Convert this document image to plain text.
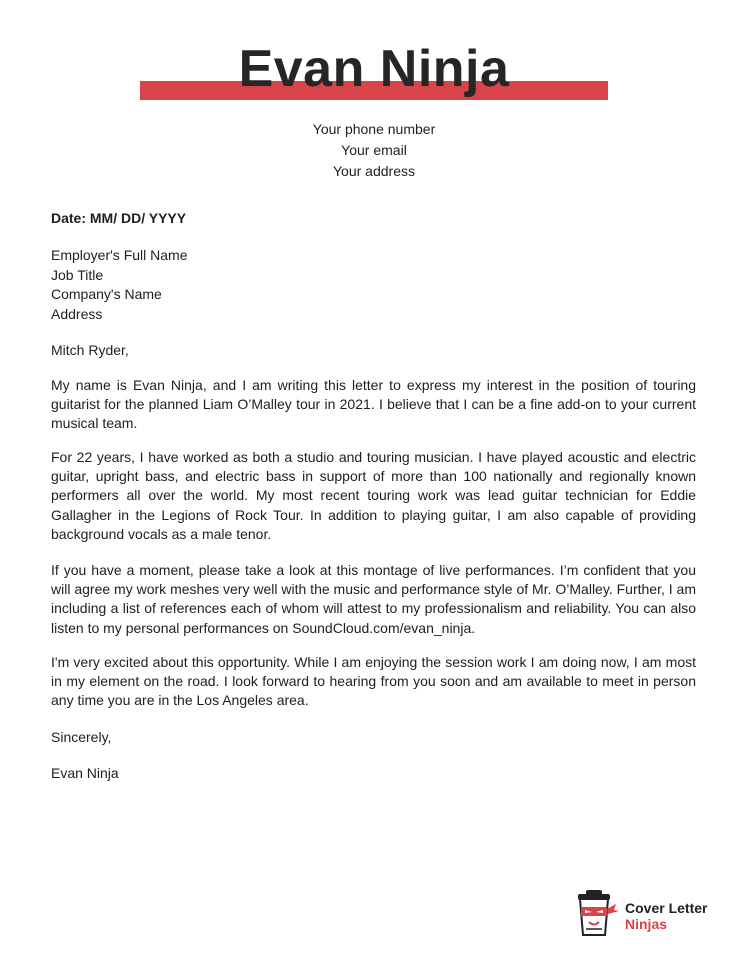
Evan Ninja
Your phone number
Your email
Your address
Date: MM/ DD/ YYYY
Employer's Full Name
Job Title
Company's Name
Address
Mitch Ryder,
My name is Evan Ninja, and I am writing this letter to express my interest in the position of touring guitarist for the planned Liam O’Malley tour in 2021. I believe that I can be a fine add-on to your current musical team.
For 22 years, I have worked as both a studio and touring musician. I have played acoustic and electric guitar, upright bass, and electric bass in support of more than 100 nationally and regionally known performers all over the world. My most recent touring work was lead guitar technician for Eddie Gallagher in the Legions of Rock Tour. In addition to playing guitar, I am also capable of providing background vocals as a male tenor.
If you have a moment, please take a look at this montage of live performances. I’m confident that you will agree my work meshes very well with the music and performance style of Mr. O’Malley. Further, I am including a list of references each of whom will attest to my professionalism and reliability. You can also listen to my personal performances on SoundCloud.com/evan_ninja.
I'm very excited about this opportunity. While I am enjoying the session work I am doing now, I am most in my element on the road. I look forward to hearing from you soon and am available to meet in person any time you are in the Los Angeles area.
Sincerely,
Evan Ninja
Cover Letter
Ninjas
